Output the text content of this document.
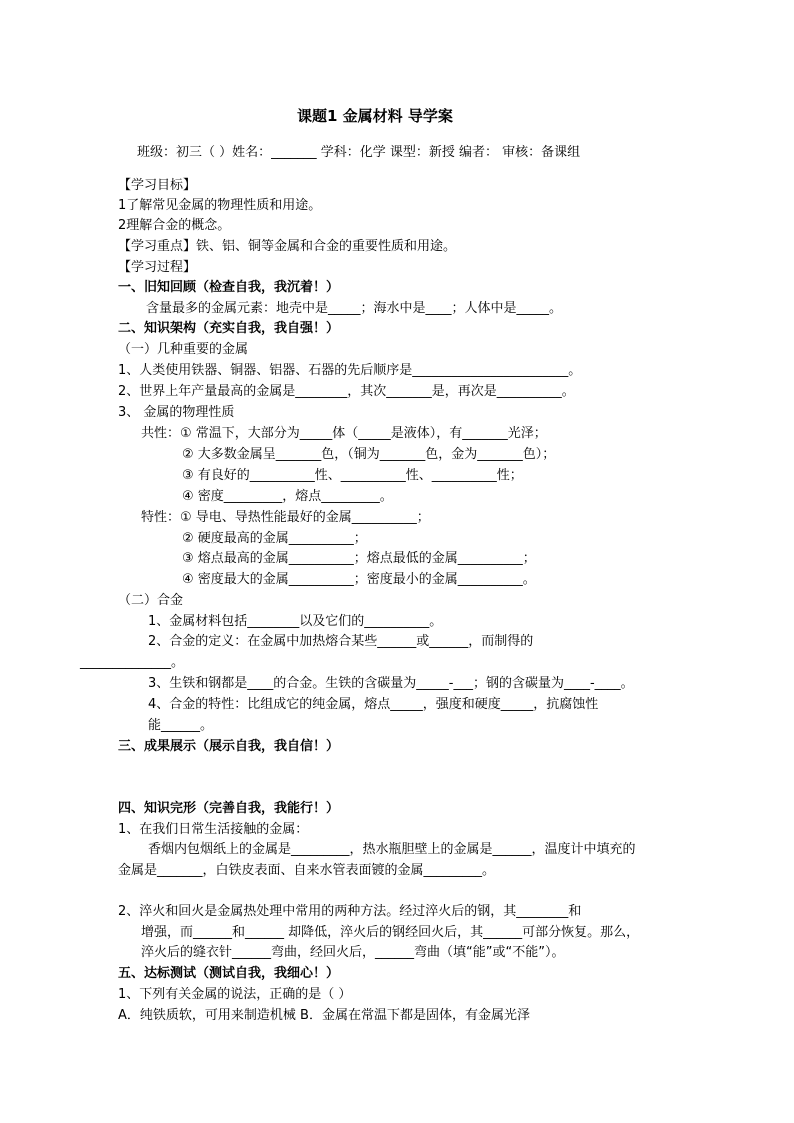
课题1 金属材料 导学案
班级：初三（ ）姓名：_______ 学科：化学 课型：新授 编者： 审核：备课组
【学习目标】
1了解常见金属的物理性质和用途。
2理解合金的概念。
【学习重点】铁、铝、铜等金属和合金的重要性质和用途。
【学习过程】
一、旧知回顾（检查自我，我沉着！）
含量最多的金属元素：地壳中是_____；海水中是____；人体中是_____。
二、知识架构（充实自我，我自强！）
（一）几种重要的金属
1、人类使用铁器、铜器、铝器、石器的先后顺序是________________________。
2、世界上年产量最高的金属是________，其次_______是，再次是__________。
3、 金属的物理性质
共性：① 常温下，大部分为_____体（_____是液体），有_______光泽；
② 大多数金属呈_______色，（铜为_______色，金为_______色）；
③ 有良好的__________性、__________性、__________性；
④ 密度_________，熔点_________。
特性：① 导电、导热性能最好的金属__________；
② 硬度最高的金属__________；
③ 熔点最高的金属__________；熔点最低的金属__________；
④ 密度最大的金属__________；密度最小的金属__________。
（二）合金
1、金属材料包括________以及它们的__________。
2、合金的定义：在金属中加热熔合某些______或______，而制得的
______________。
3、生铁和钢都是____的合金。生铁的含碳量为_____-___；钢的含碳量为____-____。
4、合金的特性：比组成它的纯金属，熔点_____，强度和硬度_____，抗腐蚀性
能______。
三、成果展示（展示自我，我自信！）
四、知识完形（完善自我，我能行！）
1、在我们日常生活接触的金属：
香烟内包烟纸上的金属是_________，热水瓶胆壁上的金属是______，温度计中填充的
金属是_______，白铁皮表面、自来水管表面镀的金属_________。
2、淬火和回火是金属热处理中常用的两种方法。经过淬火后的钢，其________和
增强，而______和______ 却降低，淬火后的钢经回火后，其______可部分恢复。那么，
淬火后的缝衣针______弯曲，经回火后，______弯曲（填“能”或“不能”）。
五、达标测试（测试自我，我细心！）
1、下列有关金属的说法，正确的是（ ）
A．纯铁质软，可用来制造机械 B．金属在常温下都是固体，有金属光泽
